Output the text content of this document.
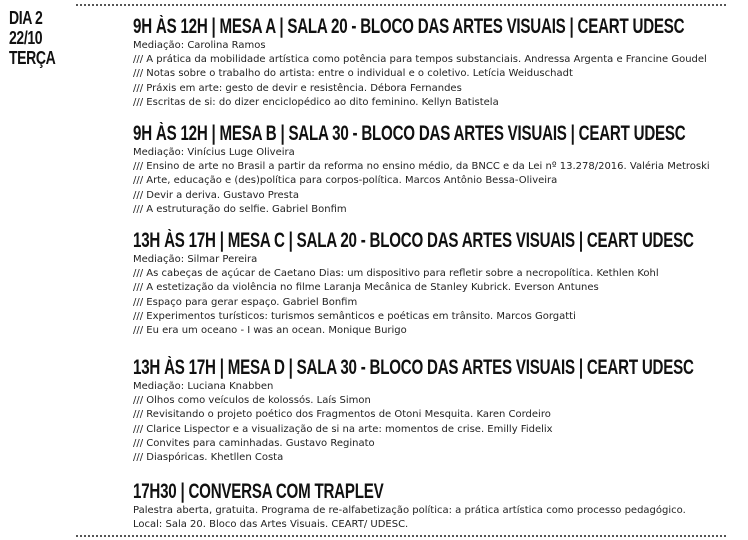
DIA 2
22/10
TERÇA
9H ÀS 12H | MESA A | SALA 20 - BLOCO DAS ARTES VISUAIS | CEART UDESC
Mediação: Carolina Ramos
/// A prática da mobilidade artística como potência para tempos substanciais. Andressa Argenta e Francine Goudel
/// Notas sobre o trabalho do artista: entre o individual e o coletivo. Letícia Weiduschadt
/// Práxis em arte: gesto de devir e resistência. Débora Fernandes
/// Escritas de si: do dizer enciclopédico ao dito feminino. Kellyn Batistela
9H ÀS 12H | MESA B | SALA 30 - BLOCO DAS ARTES VISUAIS | CEART UDESC
Mediação: Vinícius Luge Oliveira
/// Ensino de arte no Brasil a partir da reforma no ensino médio, da BNCC e da Lei nº 13.278/2016. Valéria Metroski
/// Arte, educação e (des)política para corpos-política. Marcos Antônio Bessa-Oliveira
/// Devir a deriva. Gustavo Presta
/// A estruturação do selfie. Gabriel Bonfim
13H ÀS 17H | MESA C | SALA 20 - BLOCO DAS ARTES VISUAIS | CEART UDESC
Mediação: Silmar Pereira
/// As cabeças de açúcar de Caetano Dias: um dispositivo para refletir sobre a necropolítica. Kethlen Kohl
/// A estetização da violência no filme Laranja Mecânica de Stanley Kubrick. Everson Antunes
/// Espaço para gerar espaço. Gabriel Bonfim
/// Experimentos turísticos: turismos semânticos e poéticas em trânsito. Marcos Gorgatti
/// Eu era um oceano - I was an ocean. Monique Burigo
13H ÀS 17H | MESA D | SALA 30 - BLOCO DAS ARTES VISUAIS | CEART UDESC
Mediação: Luciana Knabben
/// Olhos como veículos de kolossós. Laís Simon
/// Revisitando o projeto poético dos Fragmentos de Otoni Mesquita. Karen Cordeiro
/// Clarice Lispector e a visualização de si na arte: momentos de crise. Emilly Fidelix
/// Convites para caminhadas. Gustavo Reginato
/// Diaspóricas. Khetllen Costa
17H30 | CONVERSA COM TRAPLEV
Palestra aberta, gratuita. Programa de re-alfabetização política: a prática artística como processo pedagógico.
Local: Sala 20. Bloco das Artes Visuais. CEART/ UDESC.
